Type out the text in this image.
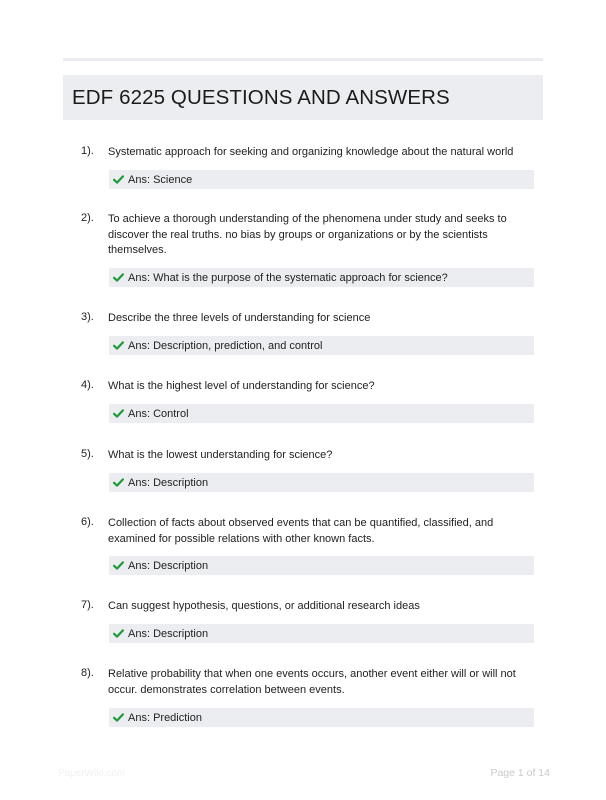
EDF 6225 QUESTIONS AND ANSWERS
1). Systematic approach for seeking and organizing knowledge about the natural world
Ans: Science
2). To achieve a thorough understanding of the phenomena under study and seeks to discover the real truths. no bias by groups or organizations or by the scientists themselves.
Ans: What is the purpose of the systematic approach for science?
3). Describe the three levels of understanding for science
Ans: Description, prediction, and control
4). What is the highest level of understanding for science?
Ans: Control
5). What is the lowest understanding for science?
Ans: Description
6). Collection of facts about observed events that can be quantified, classified, and examined for possible relations with other known facts.
Ans: Description
7). Can suggest hypothesis, questions, or additional research ideas
Ans: Description
8). Relative probability that when one events occurs, another event either will or will not occur. demonstrates correlation between events.
Ans: Prediction
PaperWiki.com	Page 1 of 14
